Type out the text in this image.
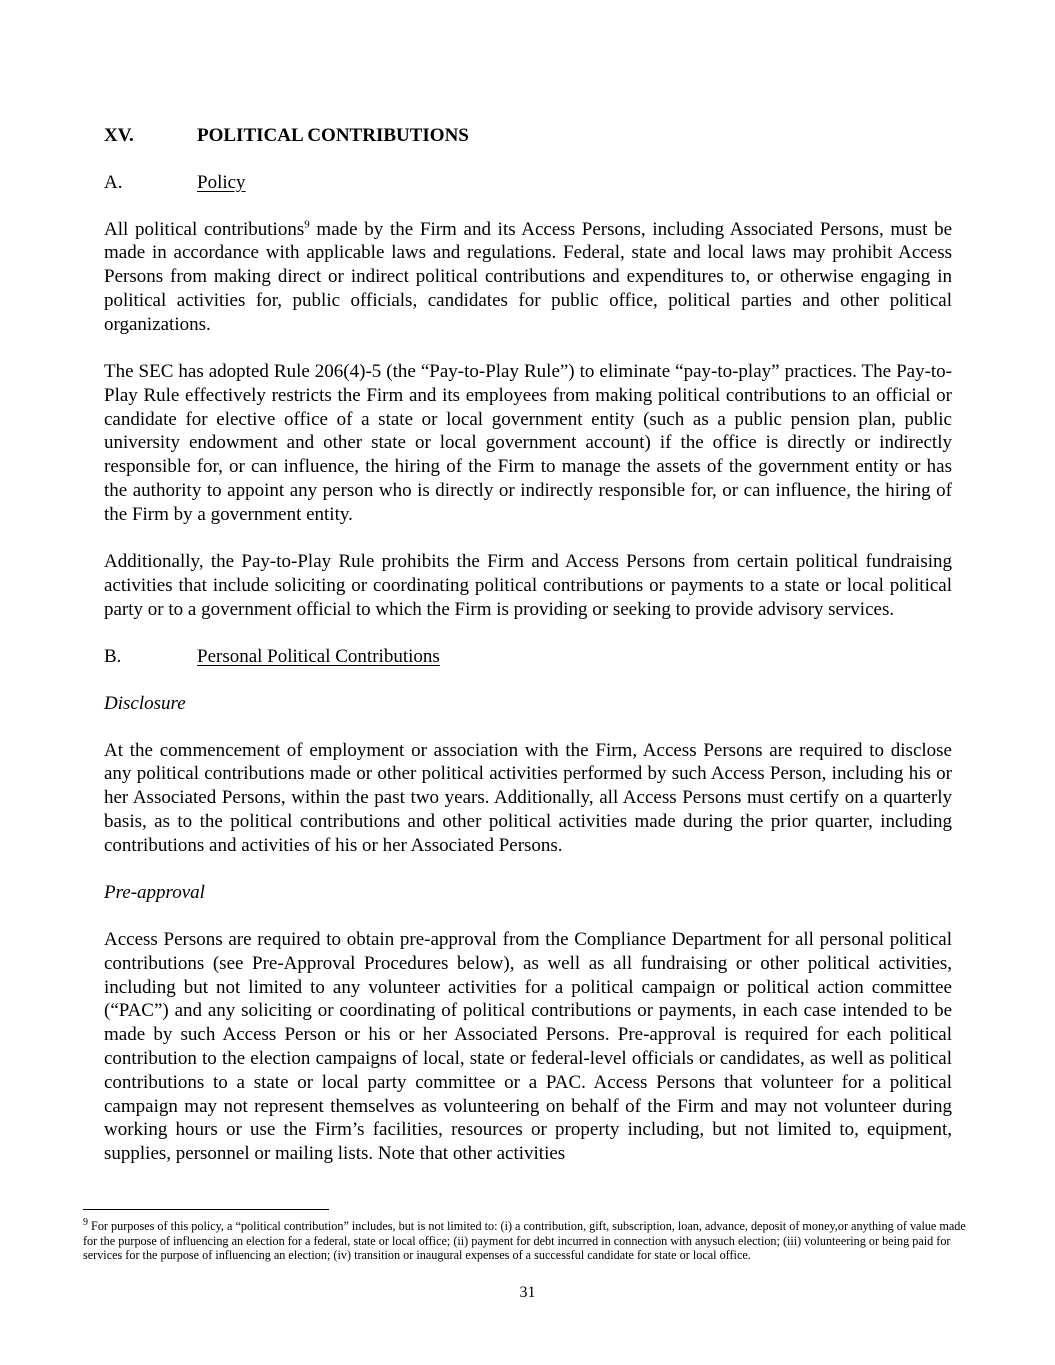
XV.	POLITICAL CONTRIBUTIONS
A.	Policy

All political contributions$^9$ made by the Firm and its Access Persons, including Associated Persons, must be made in accordance with applicable laws and regulations. Federal, state and local laws may prohibit Access Persons from making direct or indirect political contributions and expenditures to, or otherwise engaging in political activities for, public officials, candidates for public office, political parties and other political organizations.

The SEC has adopted Rule 206(4)-5 (the “Pay-to-Play Rule”) to eliminate “pay-to-play” practices. The Pay-to-Play Rule effectively restricts the Firm and its employees from making political contributions to an official or candidate for elective office of a state or local government entity (such as a public pension plan, public university endowment and other state or local government account) if the office is directly or indirectly responsible for, or can influence, the hiring of the Firm to manage the assets of the government entity or has the authority to appoint any person who is directly or indirectly responsible for, or can influence, the hiring of the Firm by a government entity.

Additionally, the Pay-to-Play Rule prohibits the Firm and Access Persons from certain political fundraising activities that include soliciting or coordinating political contributions or payments to a state or local political party or to a government official to which the Firm is providing or seeking to provide advisory services.

B.	Personal Political Contributions
Disclosure

At the commencement of employment or association with the Firm, Access Persons are required to disclose any political contributions made or other political activities performed by such Access Person, including his or her Associated Persons, within the past two years. Additionally, all Access Persons must certify on a quarterly basis, as to the political contributions and other political activities made during the prior quarter, including contributions and activities of his or her Associated Persons.

Pre-approval

Access Persons are required to obtain pre-approval from the Compliance Department for all personal political contributions (see Pre-Approval Procedures below), as well as all fundraising or other political activities, including but not limited to any volunteer activities for a political campaign or political action committee (“PAC”) and any soliciting or coordinating of political contributions or payments, in each case intended to be made by such Access Person or his or her Associated Persons. Pre-approval is required for each political contribution to the election campaigns of local, state or federal-level officials or candidates, as well as political contributions to a state or local party committee or a PAC. Access Persons that volunteer for a political campaign may not represent themselves as volunteering on behalf of the Firm and may not volunteer during working hours or use the Firm’s facilities, resources or property including, but not limited to, equipment, supplies, personnel or mailing lists. Note that other activities

$^9$ For purposes of this policy, a “political contribution” includes, but is not limited to: (i) a contribution, gift, subscription, loan, advance, deposit of money,or anything of value made for the purpose of influencing an election for a federal, state or local office; (ii) payment for debt incurred in connection with anysuch election; (iii) volunteering or being paid for services for the purpose of influencing an election; (iv) transition or inaugural expenses of a successful candidate for state or local office.
31
